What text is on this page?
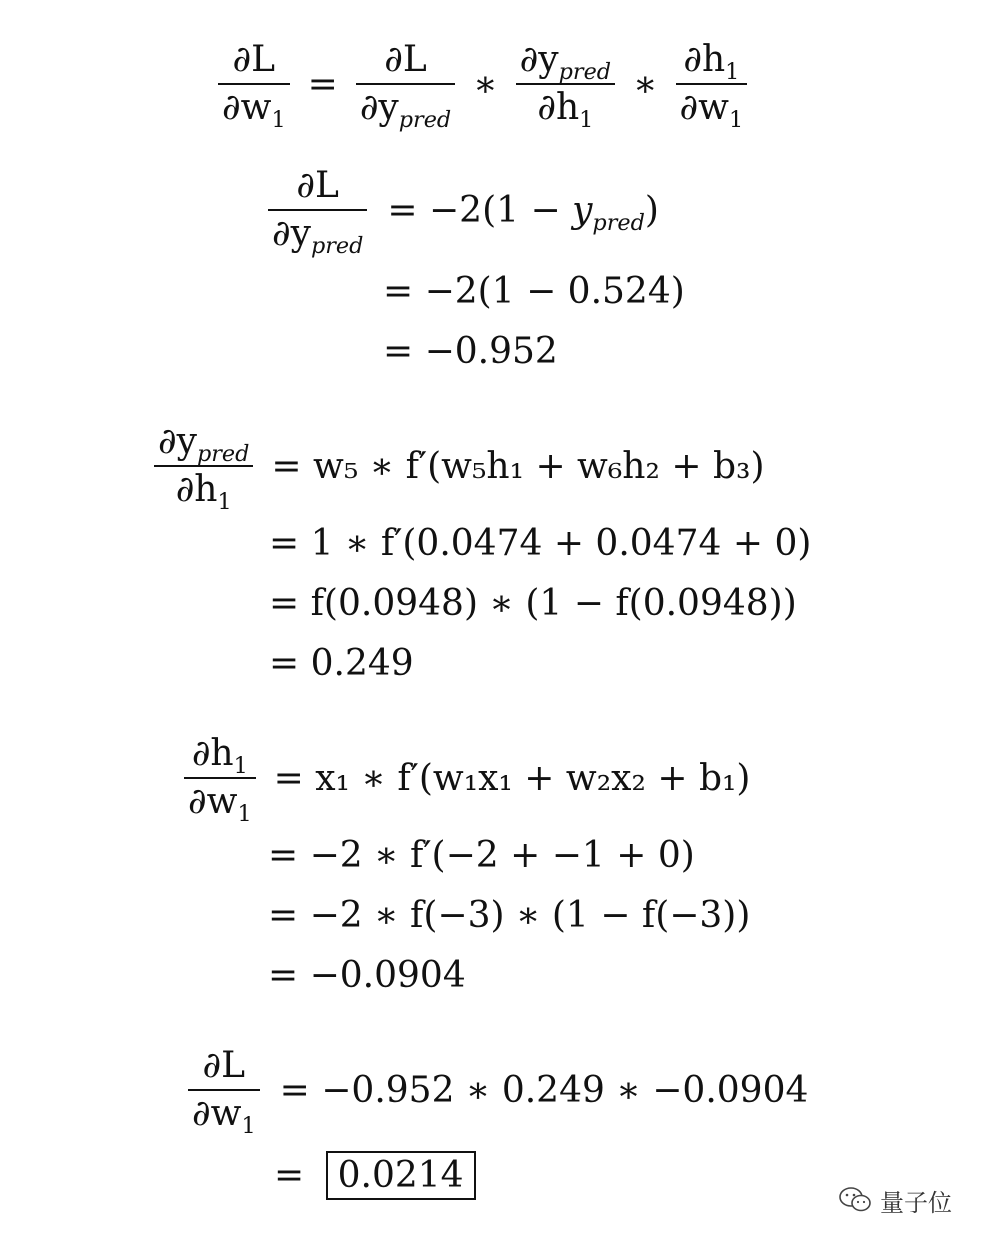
$\frac{\partial L}{\partial w_1} = \frac{\partial L}{\partial y_{pred}}$ ∗ $\frac{\partial y_{pred}}{\partial h_1}$ ∗ $\frac{\partial h_1}{\partial w_1}$
$\frac{\partial L}{\partial y_{pred}} = -2(1 - y_{pred})$
= −2(1 − 0.524)
= −0.952
$\frac{\partial y_{pred}}{\partial h_1} = w_5$ ∗ f′(w₅h₁ + w₆h₂ + b₃)
= 1 ∗ f′(0.0474 + 0.0474 + 0)
= f(0.0948) ∗ (1 − f(0.0948))
= 0.249
$\frac{\partial h_1}{\partial w_1} = x_1$ ∗ f′(w₁x₁ + w₂x₂ + b₁)
= −2 ∗ f′(−2 + −1 + 0)
= −2 ∗ f(−3) ∗ (1 − f(−3))
= −0.0904
$\frac{\partial L}{\partial w_1} = -0.952$ ∗ 0.249 ∗ −0.0904
= 0.0214
量子位
